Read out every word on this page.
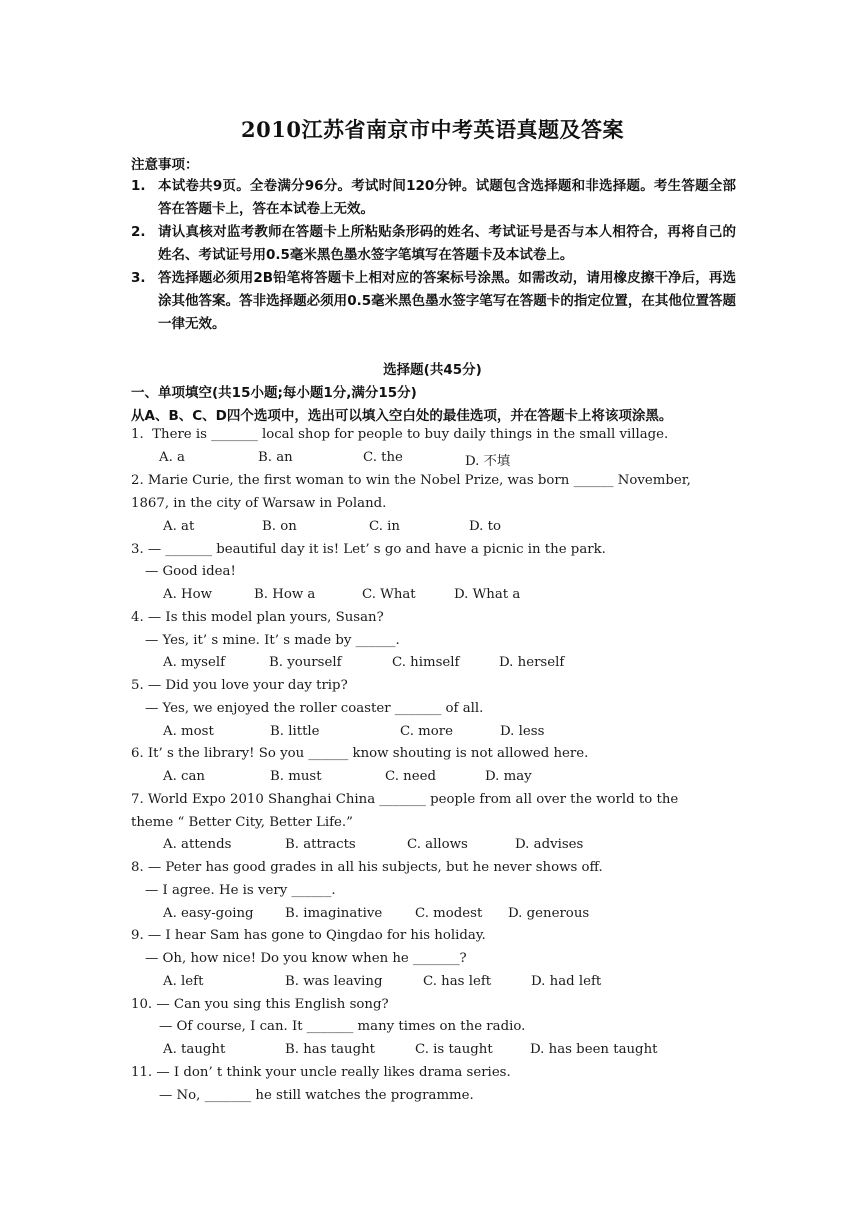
2010江苏省南京市中考英语真题及答案
注意事项：
1. 本试卷共9页。全卷满分96分。考试时间120分钟。试题包含选择题和非选择题。考生答题全部答在答题卡上，答在本试卷上无效。
2. 请认真核对监考教师在答题卡上所粘贴条形码的姓名、考试证号是否与本人相符合，再将自己的姓名、考试证号用0.5毫米黑色墨水签字笔填写在答题卡及本试卷上。
3. 答选择题必须用2B铅笔将答题卡上相对应的答案标号涂黑。如需改动，请用橡皮擦干净后，再选涂其他答案。答非选择题必须用0.5毫米黑色墨水签字笔写在答题卡的指定位置，在其他位置答题一律无效。
选择题(共45分)
一、单项填空(共15小题;每小题1分,满分15分)
从A、B、C、D四个选项中，选出可以填入空白处的最佳选项，并在答题卡上将该项涂黑。
1.  There is _______ local shop for people to buy daily things in the small village.
A. a	B. an	C. the	D. 不填
2. Marie Curie, the first woman to win the Nobel Prize, was born ______ November,
1867, in the city of Warsaw in Poland.
A. at	B. on	C. in	D. to
3. — _______ beautiful day it is! Let’ s go and have a picnic in the park.
— Good idea!
A. How	B. How a	C. What	D. What a
4. — Is this model plan yours, Susan?
— Yes, it’ s mine. It’ s made by ______.
A. myself	B. yourself	C. himself	D. herself
5. — Did you love your day trip?
— Yes, we enjoyed the roller coaster _______ of all.
A. most	B. little	C. more	D. less
6. It’ s the library! So you ______ know shouting is not allowed here.
A. can	B. must	C. need	D. may
7. World Expo 2010 Shanghai China _______ people from all over the world to the
theme “ Better City, Better Life.”
A. attends	B. attracts	C. allows	D. advises
8. — Peter has good grades in all his subjects, but he never shows off.
— I agree. He is very ______.
A. easy-going B. imaginative C. modest D. generous
9. — I hear Sam has gone to Qingdao for his holiday.
— Oh, how nice! Do you know when he _______?
A. left	B. was leaving	C. has left	D. had left
10. — Can you sing this English song?
— Of course, I can. It _______ many times on the radio.
A. taught	B. has taught	C. is taught	D. has been taught
11. — I don’ t think your uncle really likes drama series.
— No, _______ he still watches the programme.
